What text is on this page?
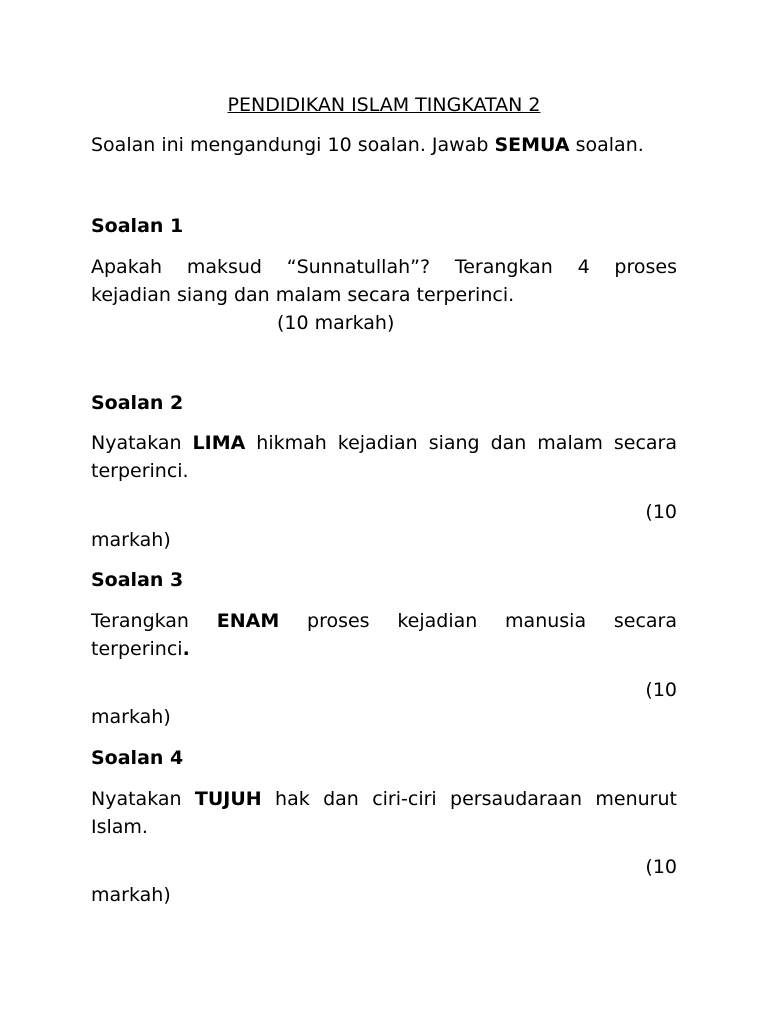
PENDIDIKAN ISLAM TINGKATAN 2
Soalan ini mengandungi 10 soalan. Jawab SEMUA soalan.
Soalan 1
Apakah maksud “Sunnatullah”? Terangkan 4 proses
kejadian siang dan malam secara terperinci.
(10 markah)
Soalan 2
Nyatakan LIMA hikmah kejadian siang dan malam secara
terperinci.
(10
markah)
Soalan 3
Terangkan ENAM proses kejadian manusia secara
terperinci.
(10
markah)
Soalan 4
Nyatakan TUJUH hak dan ciri-ciri persaudaraan menurut
Islam.
(10
markah)
